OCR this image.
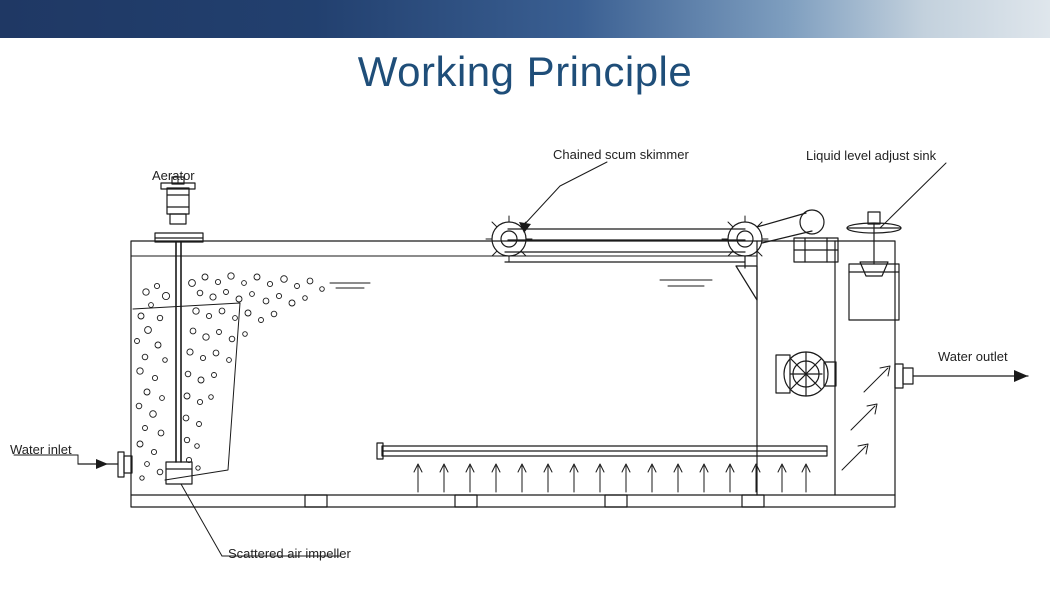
Working Principle
Aerator
Chained scum skimmer	Liquid level adjust sink
Water outlet
Water inlet
Scattered air impeller
